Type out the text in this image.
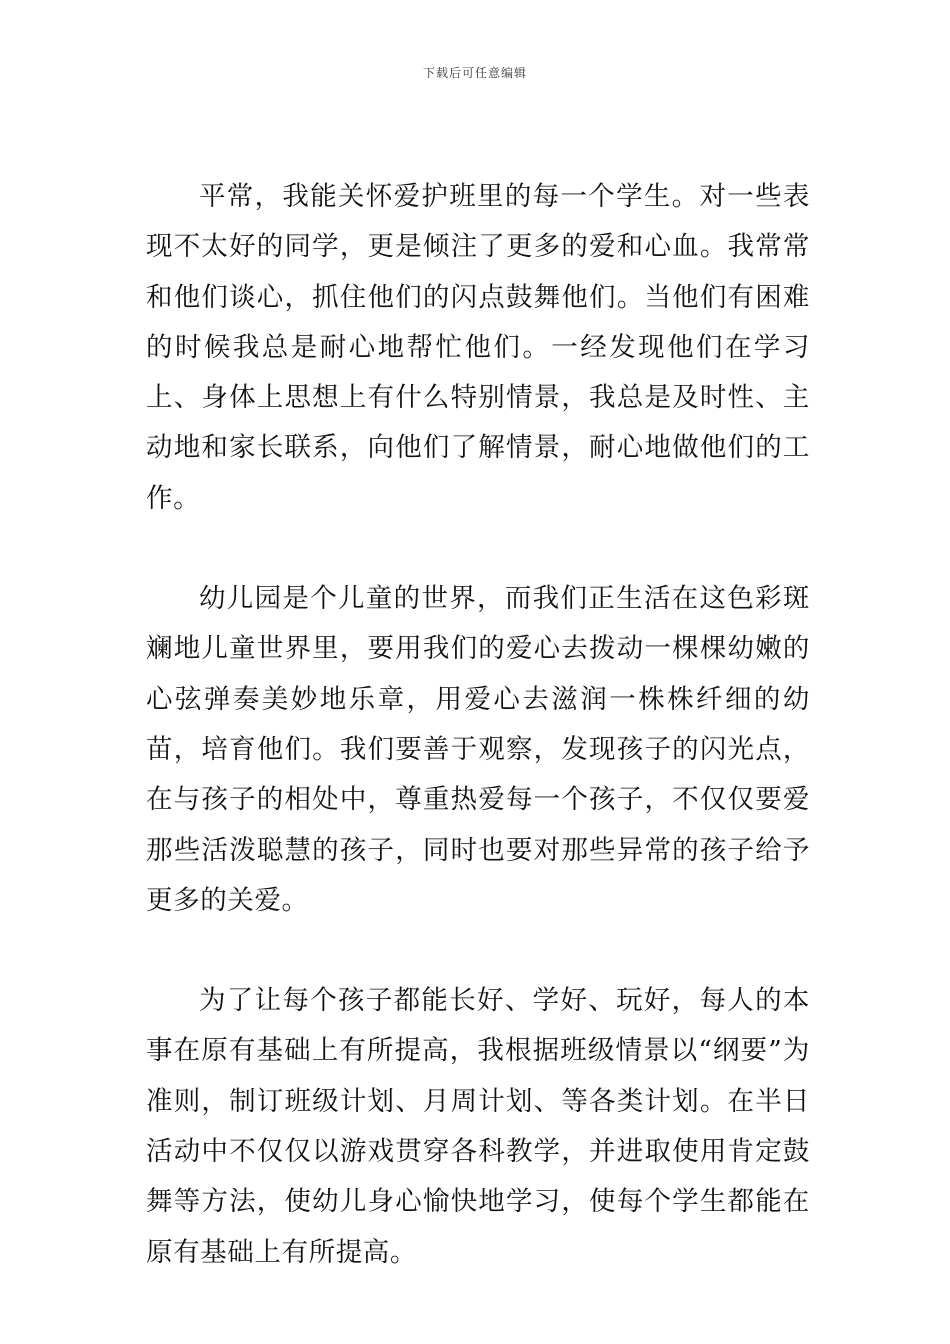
下载后可任意编辑

平常，我能关怀爱护班里的每一个学生。对一些表现不太好的同学，更是倾注了更多的爱和心血。我常常和他们谈心，抓住他们的闪点鼓舞他们。当他们有困难的时候我总是耐心地帮忙他们。一经发现他们在学习上、身体上思想上有什么特别情景，我总是及时性、主动地和家长联系，向他们了解情景，耐心地做他们的工作。

幼儿园是个儿童的世界，而我们正生活在这色彩斑斓地儿童世界里，要用我们的爱心去拨动一棵棵幼嫩的心弦弹奏美妙地乐章，用爱心去滋润一株株纤细的幼苗，培育他们。我们要善于观察，发现孩子的闪光点，在与孩子的相处中，尊重热爱每一个孩子，不仅仅要爱那些活泼聪慧的孩子，同时也要对那些异常的孩子给予更多的关爱。

为了让每个孩子都能长好、学好、玩好，每人的本事在原有基础上有所提高，我根据班级情景以“纲要”为准则，制订班级计划、月周计划、等各类计划。在半日活动中不仅仅以游戏贯穿各科教学，并进取使用肯定鼓舞等方法，使幼儿身心愉快地学习，使每个学生都能在原有基础上有所提高。
